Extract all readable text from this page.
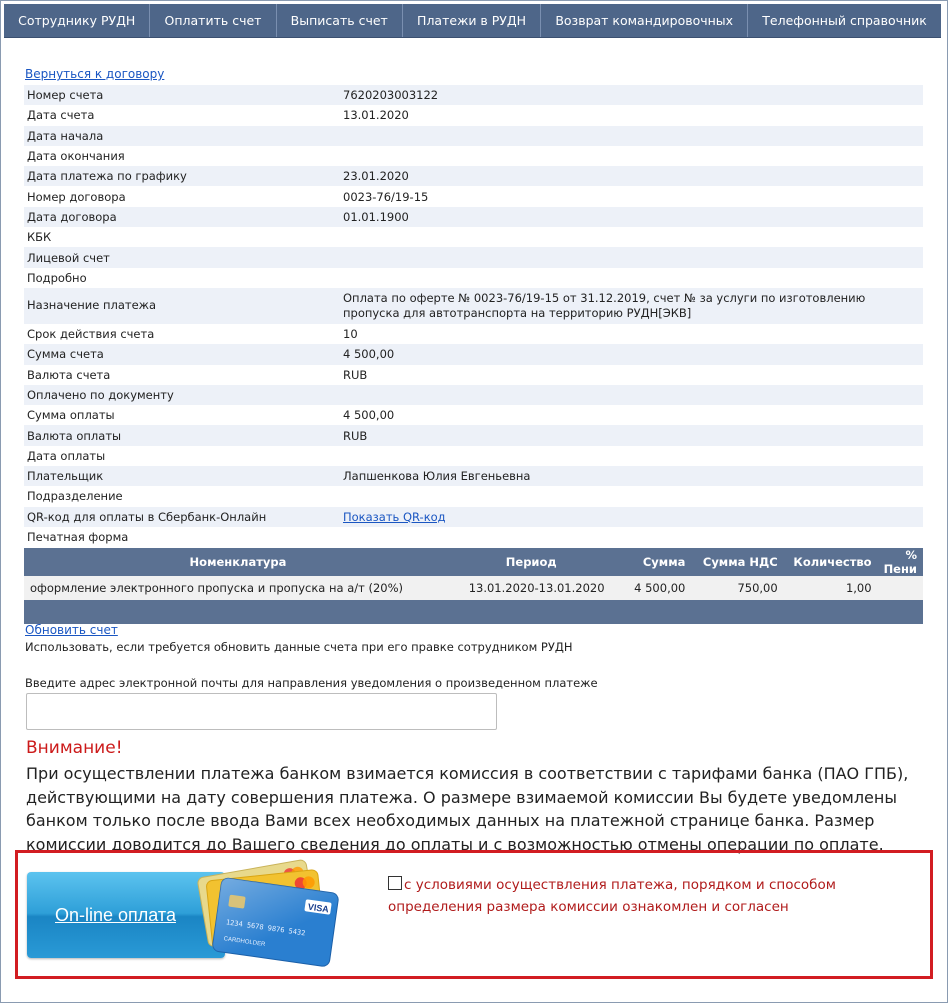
Сотруднику РУДН	Оплатить счет	Выписать счет	Платежи в РУДН	Возврат командировочных	Телефонный справочник
Вернуться к договору
Номер счета	7620203003122
Дата счета	13.01.2020
Дата начала	
Дата окончания	
Дата платежа по графику	23.01.2020
Номер договора	0023-76/19-15
Дата договора	01.01.1900
КБК	
Лицевой счет	
Подробно	
Назначение платежа	Оплата по оферте № 0023-76/19-15 от 31.12.2019, счет № за услуги по изготовлению пропуска для автотранспорта на территорию РУДН[ЭКВ]
Срок действия счета	10
Сумма счета	4 500,00
Валюта счета	RUB
Оплачено по документу	
Сумма оплаты	4 500,00
Валюта оплаты	RUB
Дата оплаты	
Плательщик	Лапшенкова Юлия Евгеньевна
Подразделение	
QR-код для оплаты в Сбербанк-Онлайн	Показать QR-код
Печатная форма	
Номенклатура	Период	Сумма	Сумма НДС	Количество	% Пени
оформление электронного пропуска и пропуска на а/т (20%)	13.01.2020-13.01.2020	4 500,00	750,00	1,00	

Обновить счет
Использовать, если требуется обновить данные счета при его правке сотрудником РУДН
Введите адрес электронной почты для направления уведомления о произведенном платеже
Внимание!
При осуществлении платежа банком взимается комиссия в соответствии с тарифами банка (ПАО ГПБ), действующими на дату совершения платежа. О размере взимаемой комиссии Вы будете уведомлены банком только после ввода Вами всех необходимых данных на платежной странице банка. Размер комиссии доводится до Вашего сведения до оплаты и с возможностью отмены операции по оплате.
On-line оплата	VISA
1234 5678 9876 5432
CARDHOLDER
с условиями осуществления платежа, порядком и способом определения размера комиссии ознакомлен и согласен
